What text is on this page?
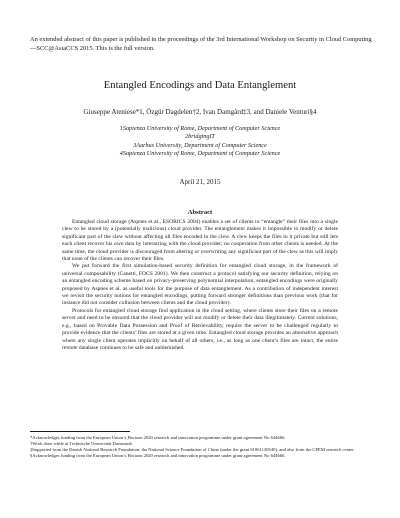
An extended abstract of this paper is published in the proceedings of the 3rd International Workshop on Security in Cloud Computing—SCC@AsiaCCS 2015. This is the full version.
Entangled Encodings and Data Entanglement
Giuseppe Ateniese*1, Özgür Dagdelen†2, Ivan Damgård‡3, and Daniele Venturi§4
1Sapienza University of Rome, Department of Computer Science
2bridgingIT
3Aarhus University, Department of Computer Science
4Sapienza University of Rome, Department of Computer Science
April 21, 2015
Abstract

Entangled cloud storage (Aspnes et al., ESORICS 2004) enables a set of clients to “entangle” their files into a single clew to be stored by a (potentially malicious) cloud provider. The entanglement makes it impossible to modify or delete significant part of the clew without affecting all files encoded in the clew. A clew keeps the files in it private but still lets each client recover his own data by interacting with the cloud provider; no cooperation from other clients is needed. At the same time, the cloud provider is discouraged from altering or overwriting any significant part of the clew as this will imply that none of the clients can recover their files.

We put forward the first simulation-based security definition for entangled cloud storage, in the framework of universal composability (Canetti, FOCS 2001). We then construct a protocol satisfying our security definition, relying on an entangled encoding scheme based on privacy-preserving polynomial interpolation; entangled encodings were originally proposed by Aspnes et al. as useful tools for the purpose of data entanglement. As a contribution of independent interest we revisit the security notions for entangled encodings, putting forward stronger definitions than previous work (that for instance did not consider collusion between clients and the cloud provider).

Protocols for entangled cloud storage find application in the cloud setting, where clients store their files on a remote server and need to be ensured that the cloud provider will not modify or delete their data illegitimately. Current solutions, e.g., based on Provable Data Possession and Proof of Retrievability, require the server to be challenged regularly to provide evidence that the clients’ files are stored at a given time. Entangled cloud storage provides an alternative approach where any single client operates implicitly on behalf of all others, i.e., as long as one client’s files are intact, the entire remote database continues to be safe and unblemished.

*Acknowledges funding from the European Union’s Horizon 2020 research and innovation programme under grant agreement No 644666.

†Work done while at Technische Universität Darmstadt.

‡Supported from the Danish National Research Foundation, the National Science Foundation of China (under the grant 61061130540), and also from the CFEM research center.

§Acknowledges funding from the European Union’s Horizon 2020 research and innovation programme under grant agreement No 644666.
